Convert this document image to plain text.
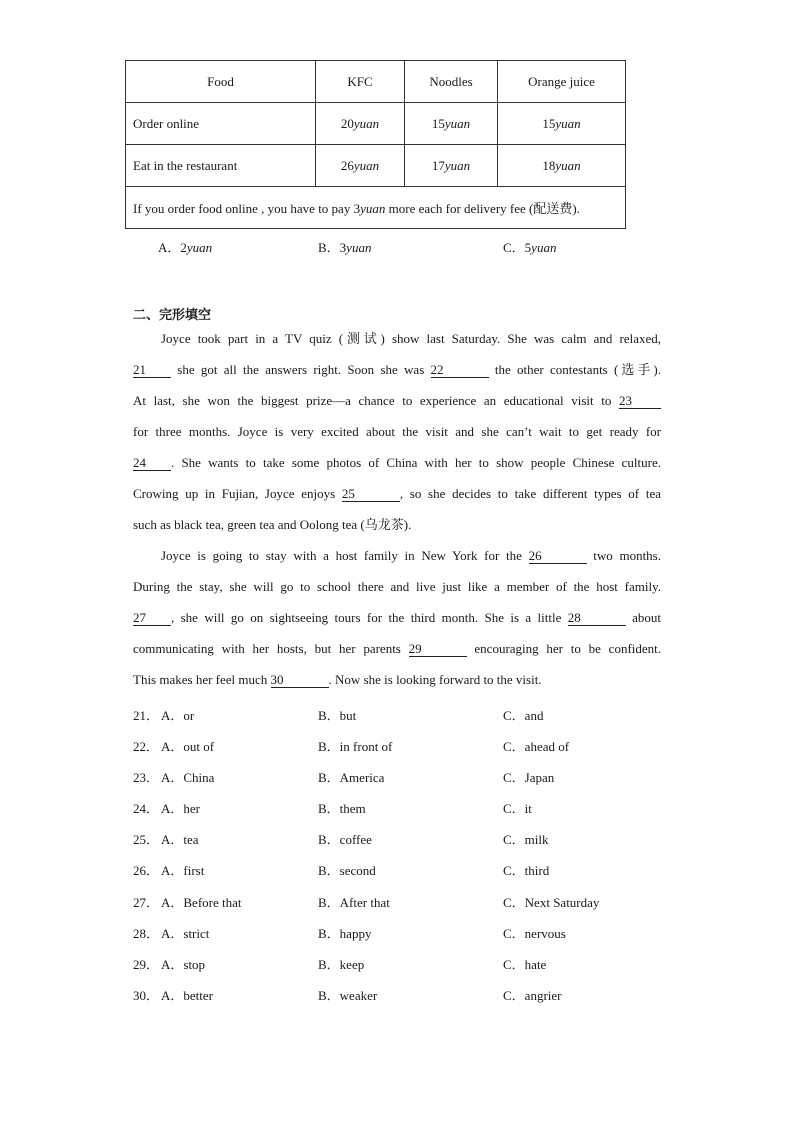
Food	KFC	Noodles	Orange juice
Order online	20yuan	15yuan	15yuan
Eat in the restaurant	26yuan	17yuan	18yuan
If you order food online , you have to pay 3yuan more each for delivery fee (配送费).			
A．2yuan	B．3yuan	C．5yuan
二、完形填空
Joyce took part in a TV quiz (测试) show last Saturday. She was calm and relaxed,
21 she got all the answers right. Soon she was 22	the other contestants (选手).
At last, she won the biggest prize—a chance to experience an educational visit to 23
for three months. Joyce is very excited about the visit and she can’t wait to get ready for
24 . She wants to take some photos of China with her to show people Chinese culture.
Crowing up in Fujian, Joyce enjoys 25	, so she decides to take different types of tea
such as black tea, green tea and Oolong tea (乌龙茶).
Joyce is going to stay with a host family in New York for the 26	two months.
During the stay, she will go to school there and live just like a member of the host family.
27 , she will go on sightseeing tours for the third month. She is a little 28	about
communicating with her hosts, but her parents 29	encouraging her to be confident.
This makes her feel much 30	. Now she is looking forward to the visit.
21． A．or	B．but	C．and
22． A．out of	B．in front of	C．ahead of
23． A．China	B．America	C．Japan
24． A．her	B．them	C．it
25． A．tea	B．coffee	C．milk
26． A．first	B．second	C．third
27． A．Before that	B．After that	C．Next Saturday
28． A．strict	B．happy	C．nervous
29． A．stop	B．keep	C．hate
30． A．better	B．weaker	C．angrier
